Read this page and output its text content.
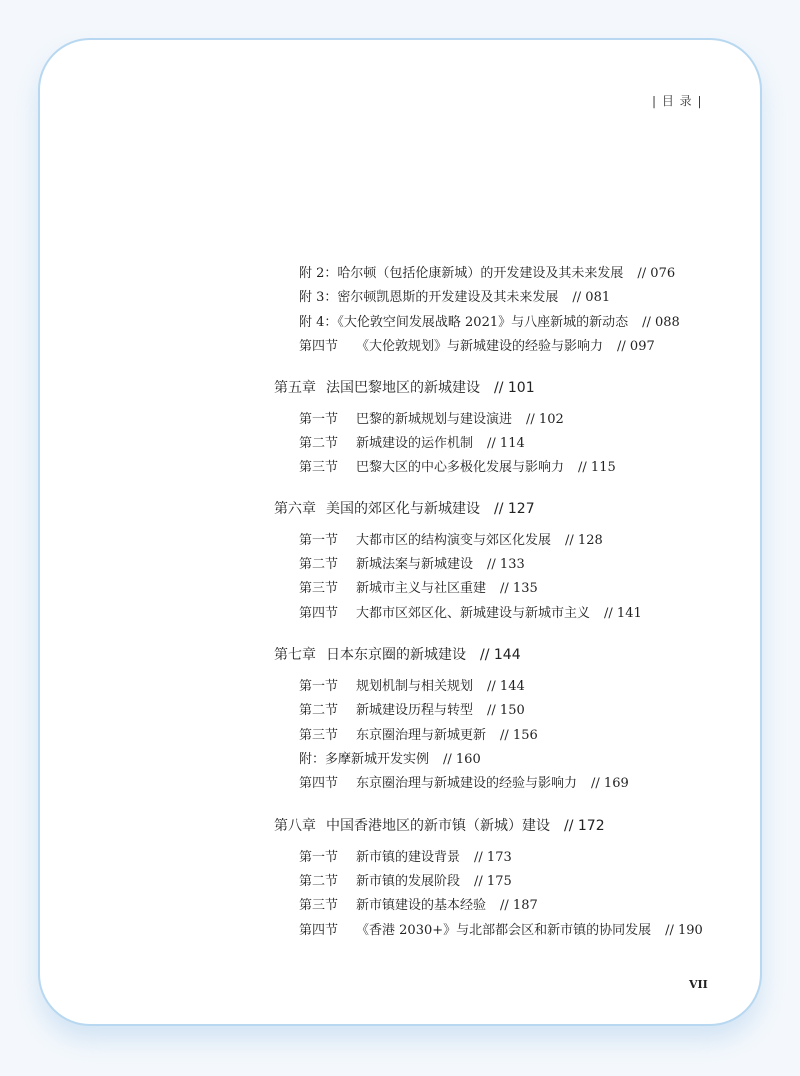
| 目 录 |
附 2：哈尔顿（包括伦康新城）的开发建设及其未来发展 // 076
附 3：密尔顿凯恩斯的开发建设及其未来发展 // 081
附 4：《大伦敦空间发展战略 2021》与八座新城的新动态 // 088
第四节 《大伦敦规划》与新城建设的经验与影响力 // 097
第五章 法国巴黎地区的新城建设 // 101
第一节 巴黎的新城规划与建设演进 // 102
第二节 新城建设的运作机制 // 114
第三节 巴黎大区的中心多极化发展与影响力 // 115
第六章 美国的郊区化与新城建设 // 127
第一节 大都市区的结构演变与郊区化发展 // 128
第二节 新城法案与新城建设 // 133
第三节 新城市主义与社区重建 // 135
第四节 大都市区郊区化、新城建设与新城市主义 // 141
第七章 日本东京圈的新城建设 // 144
第一节 规划机制与相关规划 // 144
第二节 新城建设历程与转型 // 150
第三节 东京圈治理与新城更新 // 156
附：多摩新城开发实例 // 160
第四节 东京圈治理与新城建设的经验与影响力 // 169
第八章 中国香港地区的新市镇（新城）建设 // 172
第一节 新市镇的建设背景 // 173
第二节 新市镇的发展阶段 // 175
第三节 新市镇建设的基本经验 // 187
第四节 《香港 2030+》与北部都会区和新市镇的协同发展 // 190
VII
